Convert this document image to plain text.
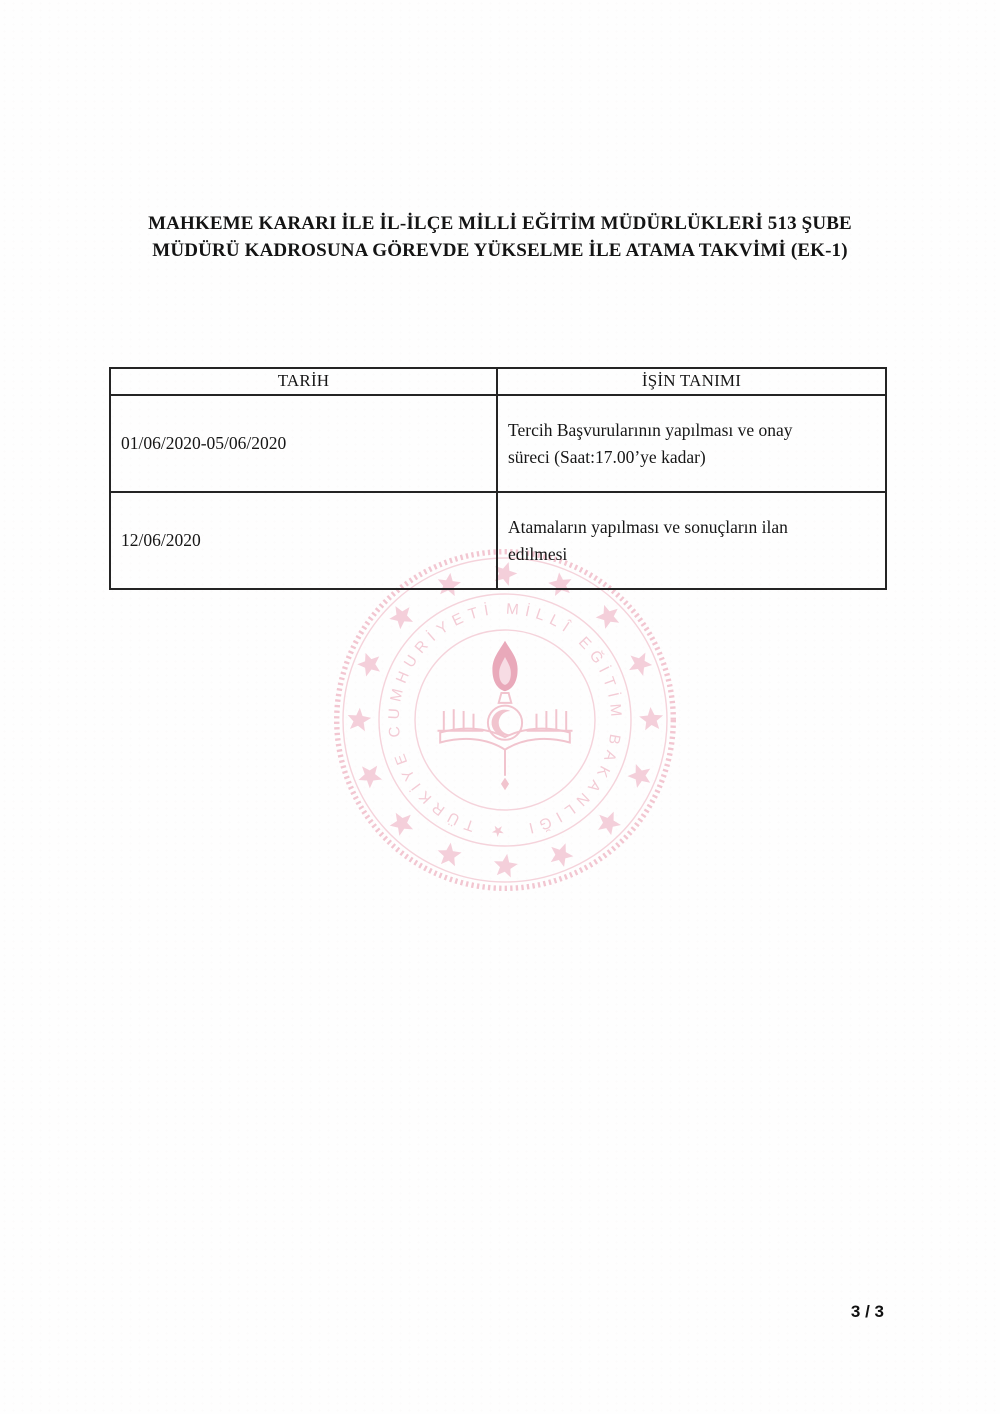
★ TÜRKİYE CUMHURİYETİ MİLLÎ EĞİTİM BAKANLIĞI
MAHKEME KARARI İLE İL-İLÇE MİLLİ EĞİTİM MÜDÜRLÜKLERİ 513 ŞUBE
MÜDÜRÜ KADROSUNA GÖREVDE YÜKSELME İLE ATAMA TAKVİMİ (EK-1)
TARİH	İŞİN TANIMI
01/06/2020-05/06/2020	Tercih Başvurularının yapılması ve onay süreci (Saat:17.00’ye kadar)
12/06/2020	Atamaların yapılması ve sonuçların ilan edilmesi
3 / 3
